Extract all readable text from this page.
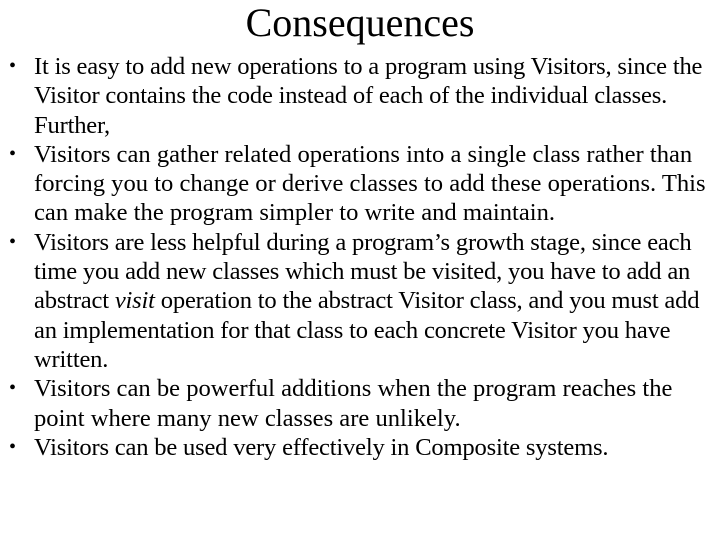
Consequences
• It is easy to add new operations to a program using Visitors, since the Visitor contains the code instead of each of the individual classes. Further,
• Visitors can gather related operations into a single class rather than forcing you to change or derive classes to add these operations. This can make the program simpler to write and maintain.
• Visitors are less helpful during a program’s growth stage, since each time you add new classes which must be visited, you have to add an abstract visit operation to the abstract Visitor class, and you must add an implementation for that class to each concrete Visitor you have written.
• Visitors can be powerful additions when the program reaches the point where many new classes are unlikely.
• Visitors can be used very effectively in Composite systems.
